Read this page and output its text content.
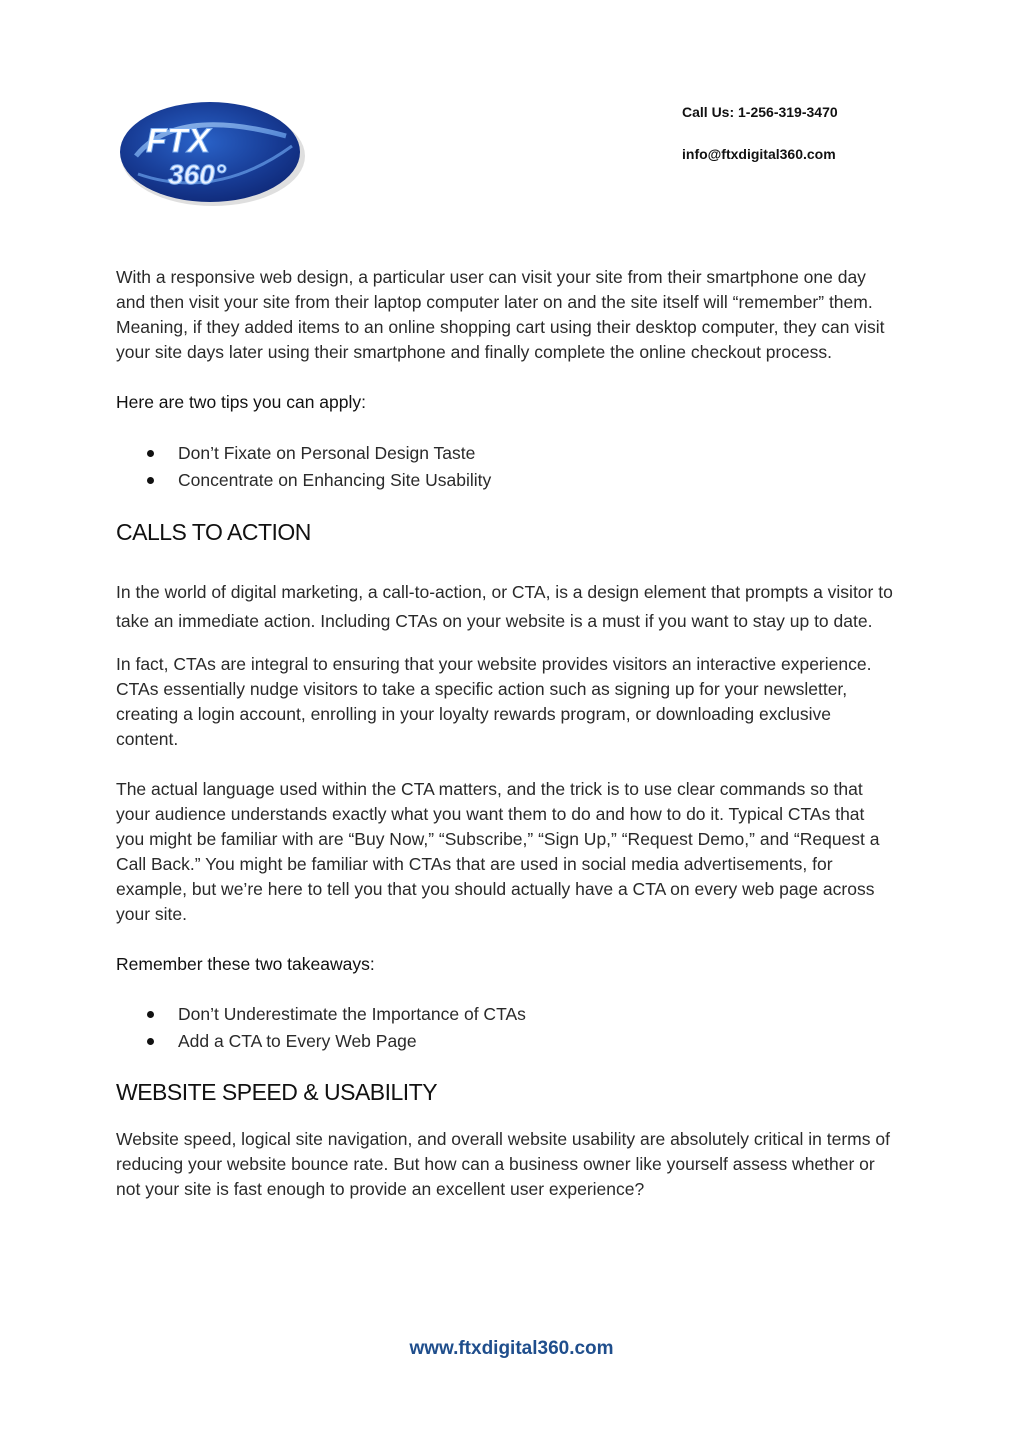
FTX
360°
Call Us: 1-256-319-3470
info@ftxdigital360.com

With a responsive web design, a particular user can visit your site from their smartphone one day and then visit your site from their laptop computer later on and the site itself will “remember” them. Meaning, if they added items to an online shopping cart using their desktop computer, they can visit your site days later using their smartphone and finally complete the online checkout process.

Here are two tips you can apply:

Don’t Fixate on Personal Design Taste
Concentrate on Enhancing Site Usability
CALLS TO ACTION

In the world of digital marketing, a call-to-action, or CTA, is a design element that prompts a visitor to take an immediate action. Including CTAs on your website is a must if you want to stay up to date.

In fact, CTAs are integral to ensuring that your website provides visitors an interactive experience. CTAs essentially nudge visitors to take a specific action such as signing up for your newsletter, creating a login account, enrolling in your loyalty rewards program, or downloading exclusive content.

The actual language used within the CTA matters, and the trick is to use clear commands so that your audience understands exactly what you want them to do and how to do it. Typical CTAs that you might be familiar with are “Buy Now,” “Subscribe,” “Sign Up,” “Request Demo,” and “Request a Call Back.” You might be familiar with CTAs that are used in social media advertisements, for example, but we’re here to tell you that you should actually have a CTA on every web page across your site.

Remember these two takeaways:

Don’t Underestimate the Importance of CTAs
Add a CTA to Every Web Page
WEBSITE SPEED & USABILITY

Website speed, logical site navigation, and overall website usability are absolutely critical in terms of reducing your website bounce rate. But how can a business owner like yourself assess whether or not your site is fast enough to provide an excellent user experience?

www.ftxdigital360.com
